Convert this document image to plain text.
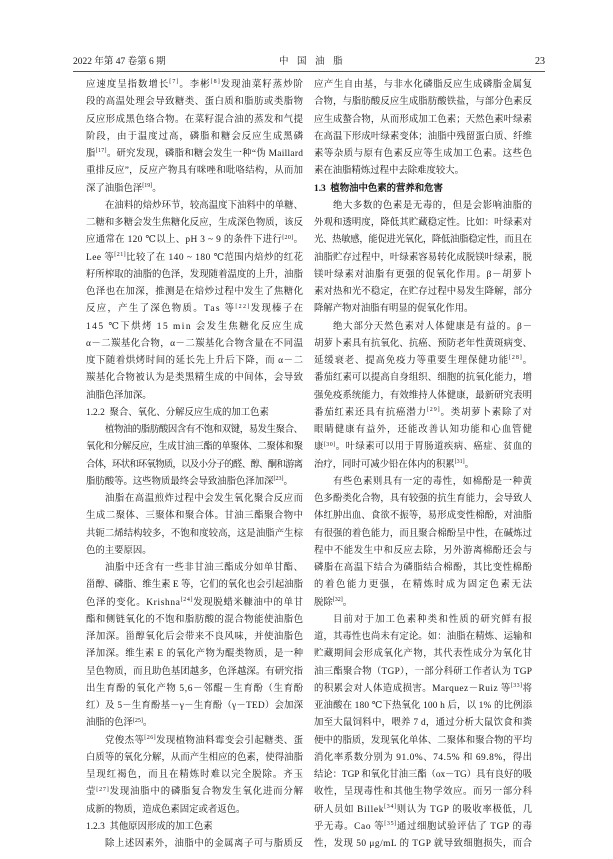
2022 年第 47 卷第 6 期	中国油脂	23
应速度呈指数增长[7]。李彬[8]发现油菜籽蒸炒阶
段的高温处理会导致糖类、蛋白质和脂肪或类脂物
反应形成黑色络合物。在菜籽混合油的蒸发和气提
阶段，由于温度过高，磷脂和糖会反应生成黑磷
脂[17]。研究发现，磷脂和糖会发生一种“伪 Maillard
重排反应”，反应产物具有咪唑和吡咯结构，从而加
深了油脂色泽[19]。
在油料的焙炒环节，较高温度下油料中的单糖、
二糖和多糖会发生焦糖化反应，生成深色物质，该反
应通常在 120 ℃以上、pH 3 ~ 9 的条件下进行[20]。
Lee 等[21]比较了在 140 ~ 180 ℃范围内焙炒的红花
籽所榨取的油脂的色泽，发现随着温度的上升，油脂
色泽也在加深，推测是在焙炒过程中发生了焦糖化
反应，产生了深色物质。Tas 等[22]发现榛子在
145 ℃下烘烤 15 min 会发生焦糖化反应生成
α－二羰基化合物，α－二羰基化合物含量在不同温
度下随着烘烤时间的延长先上升后下降，而 α－二
羰基化合物被认为是类黑精生成的中间体，会导致
油脂色泽加深。
1.2.2  聚合、氧化、分解反应生成的加工色素
植物油的脂肪酸因含有不饱和双键，易发生聚合、
氧化和分解反应，生成甘油三酯的单聚体、二聚体和聚
合体，环状和环氧物质，以及小分子的醛、醇、酮和游离
脂肪酸等。这些物质最终会导致油脂色泽加深[23]。
油脂在高温煎炸过程中会发生氧化聚合反应而
生成二聚体、三聚体和聚合体。甘油三酯聚合物中
共轭二烯结构较多，不饱和度较高，这是油脂产生棕
色的主要原因。
油脂中还含有一些非甘油三酯成分如单甘酯、
甾醇、磷脂、维生素 E 等，它们的氧化也会引起油脂
色泽的变化。Krishna[24]发现脱蜡米糠油中的单甘
酯和侧链氧化的不饱和脂肪酸的混合物能使油脂色
泽加深。甾醇氧化后会带来不良风味，并使油脂色
泽加深。维生素 E 的氧化产物为醌类物质，是一种
呈色物质，而且助色基团越多，色泽越深。有研究指
出生育酚的氧化产物 5,6－邻醌－生育酚（生育酚
红）及 5－生育酚基－γ－生育酚（γ－TED）会加深
油脂的色泽[25]。
党俊杰等[26]发现植物油料霉变会引起糖类、蛋
白质等的氧化分解，从而产生相应的色素，使得油脂
呈现红褐色，而且在精炼时难以完全脱除。齐玉
莹[27]发现油脂中的磷脂复合物发生氧化进而分解
成新的物质，造成色素固定或者返色。
1.2.3  其他原因形成的加工色素
除上述因素外，油脂中的金属离子可与脂质反
应产生自由基，与非水化磷脂反应生成磷脂金属复
合物，与脂肪酸反应生成脂肪酸铁盐，与部分色素反
应生成螯合物，从而形成加工色素；天然色素叶绿素
在高温下形成叶绿素变体；油脂中残留蛋白质、纤维
素等杂质与原有色素反应等生成加工色素。这些色
素在油脂精炼过程中去除难度较大。
1.3  植物油中色素的营养和危害
绝大多数的色素是无毒的，但是会影响油脂的
外观和透明度，降低其贮藏稳定性。比如：叶绿素对
光、热敏感，能促进光氧化，降低油脂稳定性，而且在
油脂贮存过程中，叶绿素容易转化成脱镁叶绿素，脱
镁叶绿素对油脂有更强的促氧化作用。β－胡萝卜
素对热和光不稳定，在贮存过程中易发生降解，部分
降解产物对油脂有明显的促氧化作用。
绝大部分天然色素对人体健康是有益的。β－
胡萝卜素具有抗氧化、抗癌、预防老年性黄斑病变、
延缓衰老、提高免疫力等重要生理保健功能[28]。
番茄红素可以提高自身组织、细胞的抗氧化能力，增
强免疫系统能力，有效维持人体健康，最新研究表明
番茄红素还具有抗癌潜力[29]。类胡萝卜素除了对
眼睛健康有益外，还能改善认知功能和心血管健
康[30]。叶绿素可以用于胃肠道疾病、癌症、贫血的
治疗，同时可减少铅在体内的积累[31]。
有些色素则具有一定的毒性，如棉酚是一种黄
色多酚类化合物，具有较强的抗生育能力，会导致人
体红肿出血、食欲不振等，易形成变性棉酚，对油脂
有很强的着色能力，而且聚合棉酚呈中性，在碱炼过
程中不能发生中和反应去除，另外游离棉酚还会与
磷脂在高温下结合为磷脂结合棉酚，其比变性棉酚
的着色能力更强，在精炼时成为固定色素无法
脱除[32]。
目前对于加工色素种类和性质的研究鲜有报
道，其毒性也尚未有定论。如：油脂在精炼、运输和
贮藏期间会形成氧化产物，其代表性成分为氧化甘
油三酯聚合物（TGP），一部分科研工作者认为 TGP
的积累会对人体造成损害。Marquez－Ruiz 等[33]将
亚油酸在 180 ℃下热氧化 100 h 后，以 1% 的比例添
加至大鼠饲料中，喂养 7 d，通过分析大鼠饮食和粪
便中的脂质，发现氧化单体、二聚体和聚合物的平均
消化率系数分别为 91.0%、74.5% 和 69.8%，得出
结论：TGP 和氧化甘油三酯（ox－TG）具有良好的吸
收性，呈现毒性和其他生物学效应。而另一部分科
研人员如 Billek[34]则认为 TGP 的吸收率极低，几
乎无毒。Cao 等[35]通过细胞试验评估了 TGP 的毒
性，发现 50 μg/mL 的 TGP 就导致细胞损失，而合
